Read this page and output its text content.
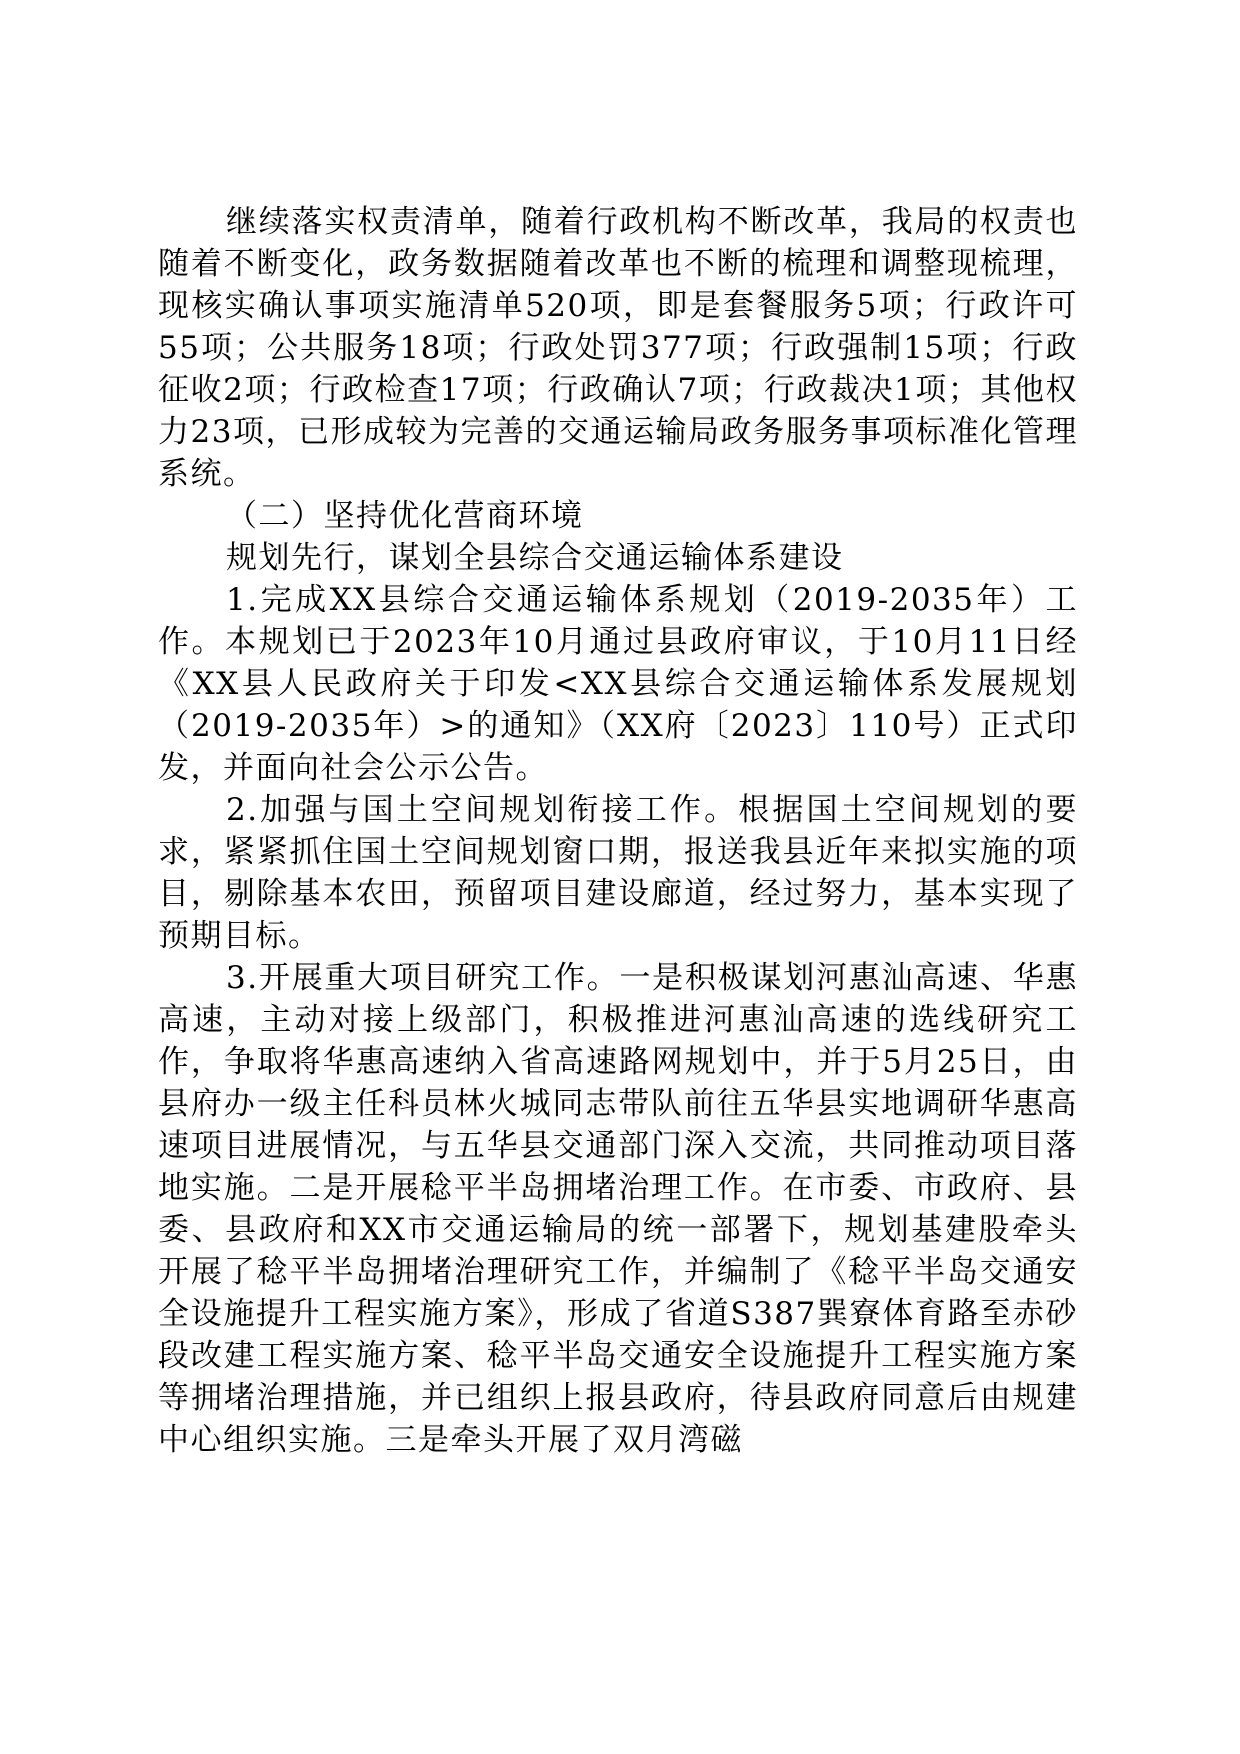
继续落实权责清单，随着行政机构不断改革，我局的权责也随着不断变化，政务数据随着改革也不断的梳理和调整现梳理，现核实确认事项实施清单520项，即是套餐服务5项；行政许可55项；公共服务18项；行政处罚377项；行政强制15项；行政征收2项；行政检查17项；行政确认7项；行政裁决1项；其他权力23项，已形成较为完善的交通运输局政务服务事项标准化管理系统。

（二）坚持优化营商环境

规划先行，谋划全县综合交通运输体系建设

1.完成XX县综合交通运输体系规划（2019-2035年）工作。本规划已于2023年10月通过县政府审议，于10月11日经《XX县人民政府关于印发<XX县综合交通运输体系发展规划（2019-2035年）>的通知》（XX府〔2023〕110号）正式印发，并面向社会公示公告。

2.加强与国土空间规划衔接工作。根据国土空间规划的要求，紧紧抓住国土空间规划窗口期，报送我县近年来拟实施的项目，剔除基本农田，预留项目建设廊道，经过努力，基本实现了预期目标。

3.开展重大项目研究工作。一是积极谋划河惠汕高速、华惠高速，主动对接上级部门，积极推进河惠汕高速的选线研究工作，争取将华惠高速纳入省高速路网规划中，并于5月25日，由县府办一级主任科员林火城同志带队前往五华县实地调研华惠高速项目进展情况，与五华县交通部门深入交流，共同推动项目落地实施。二是开展稔平半岛拥堵治理工作。在市委、市政府、县委、县政府和XX市交通运输局的统一部署下，规划基建股牵头开展了稔平半岛拥堵治理研究工作，并编制了《稔平半岛交通安全设施提升工程实施方案》，形成了省道S387巽寮体育路至赤砂段改建工程实施方案、稔平半岛交通安全设施提升工程实施方案等拥堵治理措施，并已组织上报县政府，待县政府同意后由规建中心组织实施。三是牵头开展了双月湾磁
